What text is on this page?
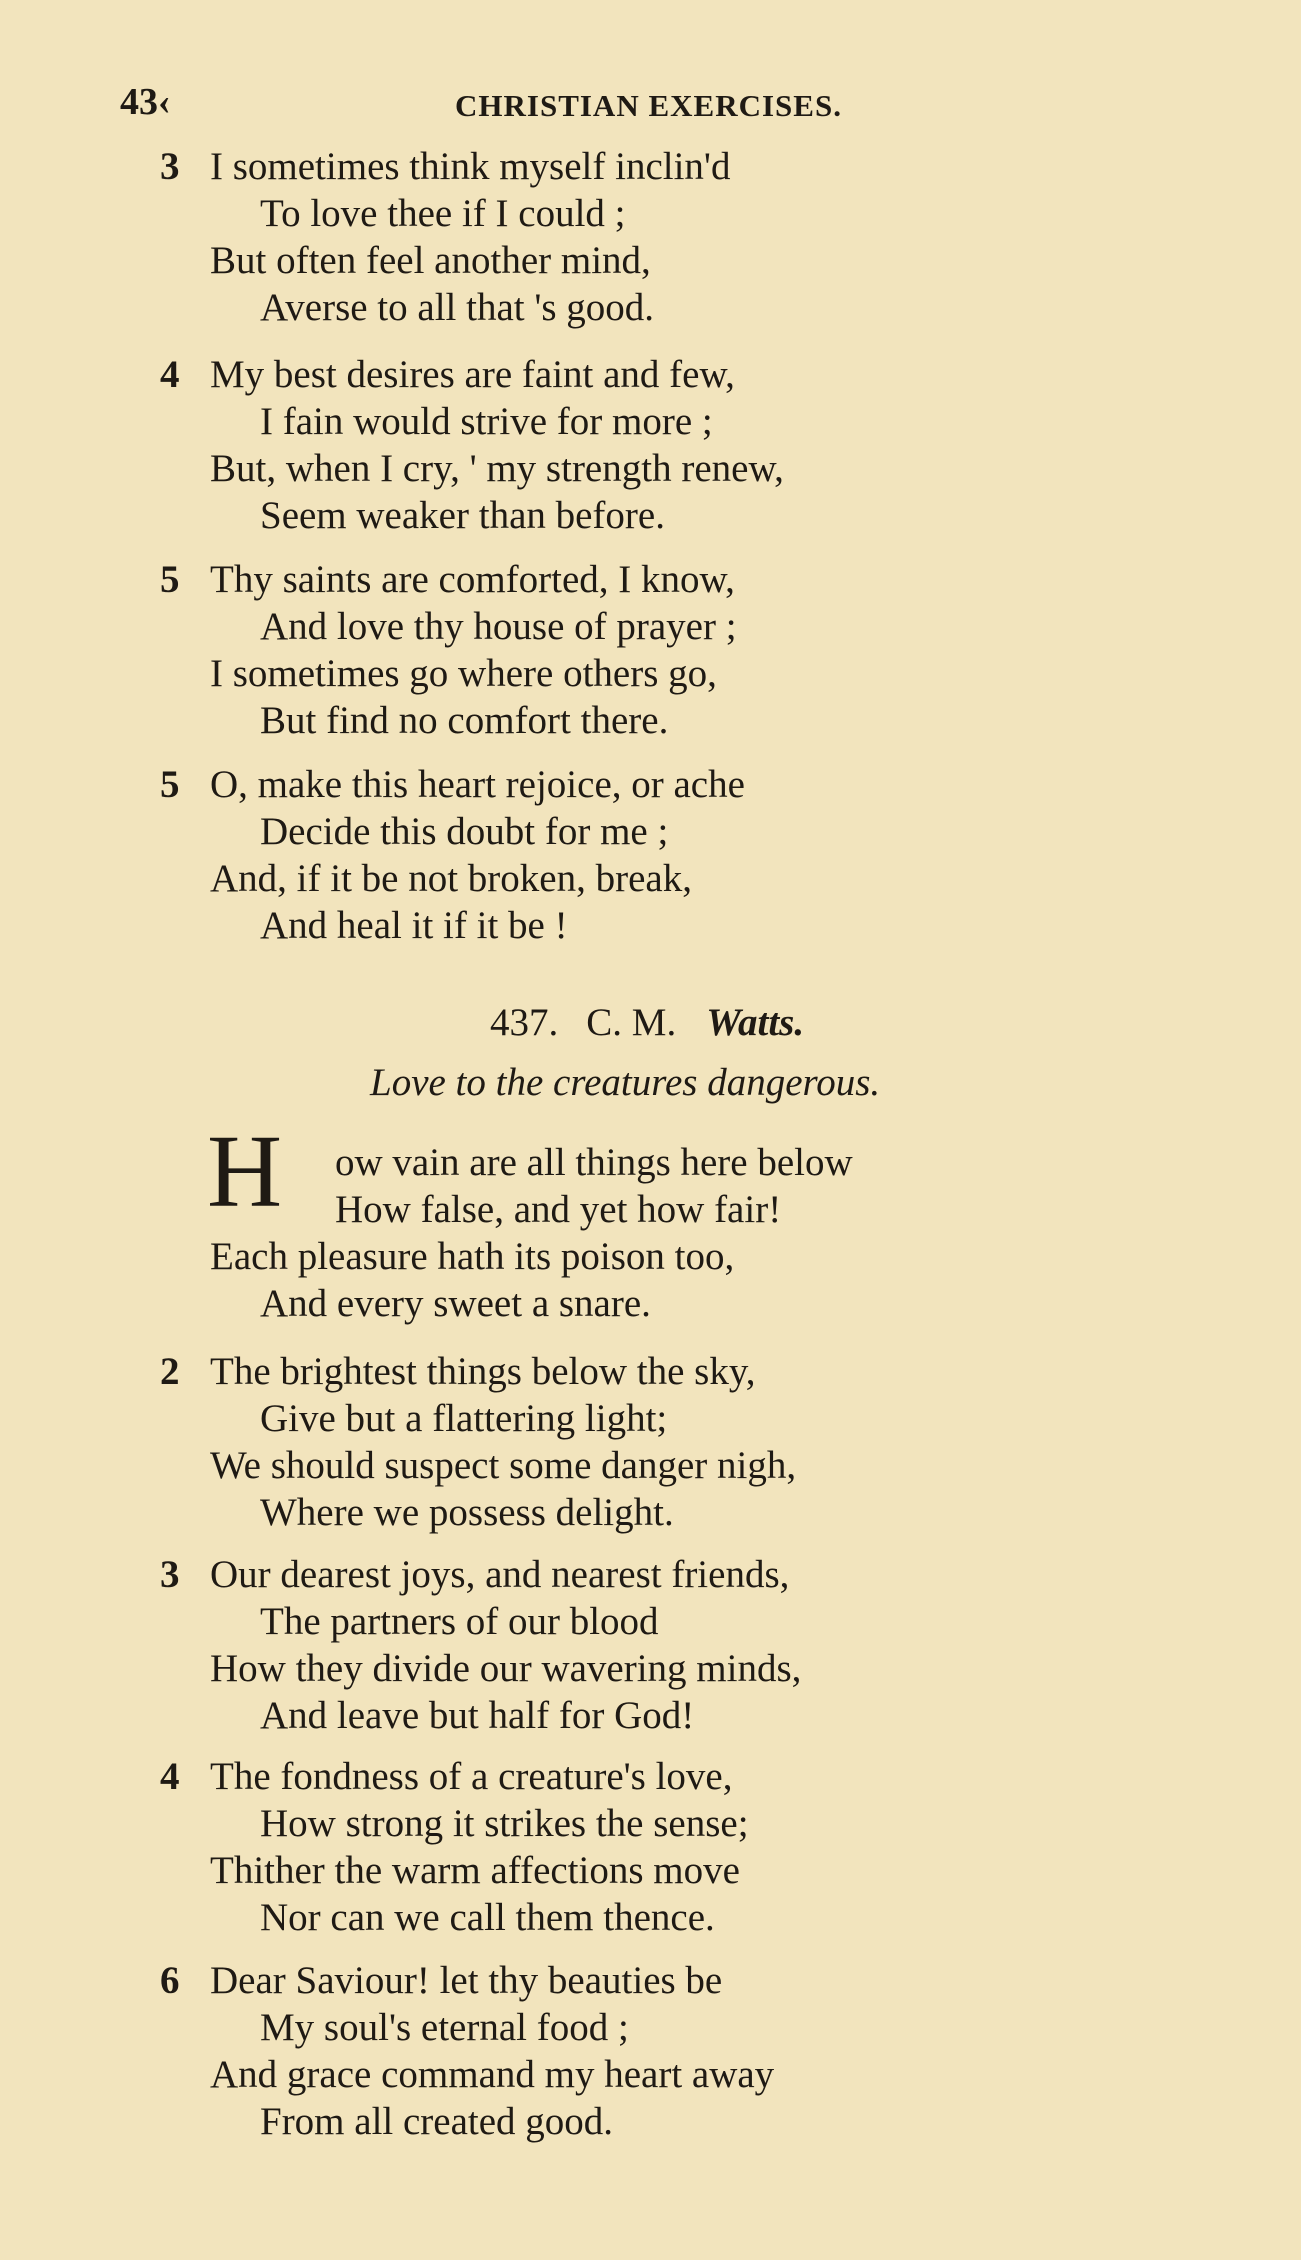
43‹	CHRISTIAN EXERCISES.
3 I sometimes think myself inclin'd
To love thee if I could ;
But often feel another mind,
Averse to all that 's good.
4 My best desires are faint and few,
I fain would strive for more ;
But, when I cry, ' my strength renew,
Seem weaker than before.
5 Thy saints are comforted, I know,
And love thy house of prayer ;
I sometimes go where others go,
But find no comfort there.
5 O, make this heart rejoice, or ache
Decide this doubt for me ;
And, if it be not broken, break,
And heal it if it be !
437. C. M. Watts.
Love to the creatures dangerous.
H	ow vain are all things here below
How false, and yet how fair!
Each pleasure hath its poison too,
And every sweet a snare.
2 The brightest things below the sky,
Give but a flattering light;
We should suspect some danger nigh,
Where we possess delight.
3 Our dearest joys, and nearest friends,
The partners of our blood
How they divide our wavering minds,
And leave but half for God!
4 The fondness of a creature's love,
How strong it strikes the sense;
Thither the warm affections move
Nor can we call them thence.
6 Dear Saviour! let thy beauties be
My soul's eternal food ;
And grace command my heart away
From all created good.
